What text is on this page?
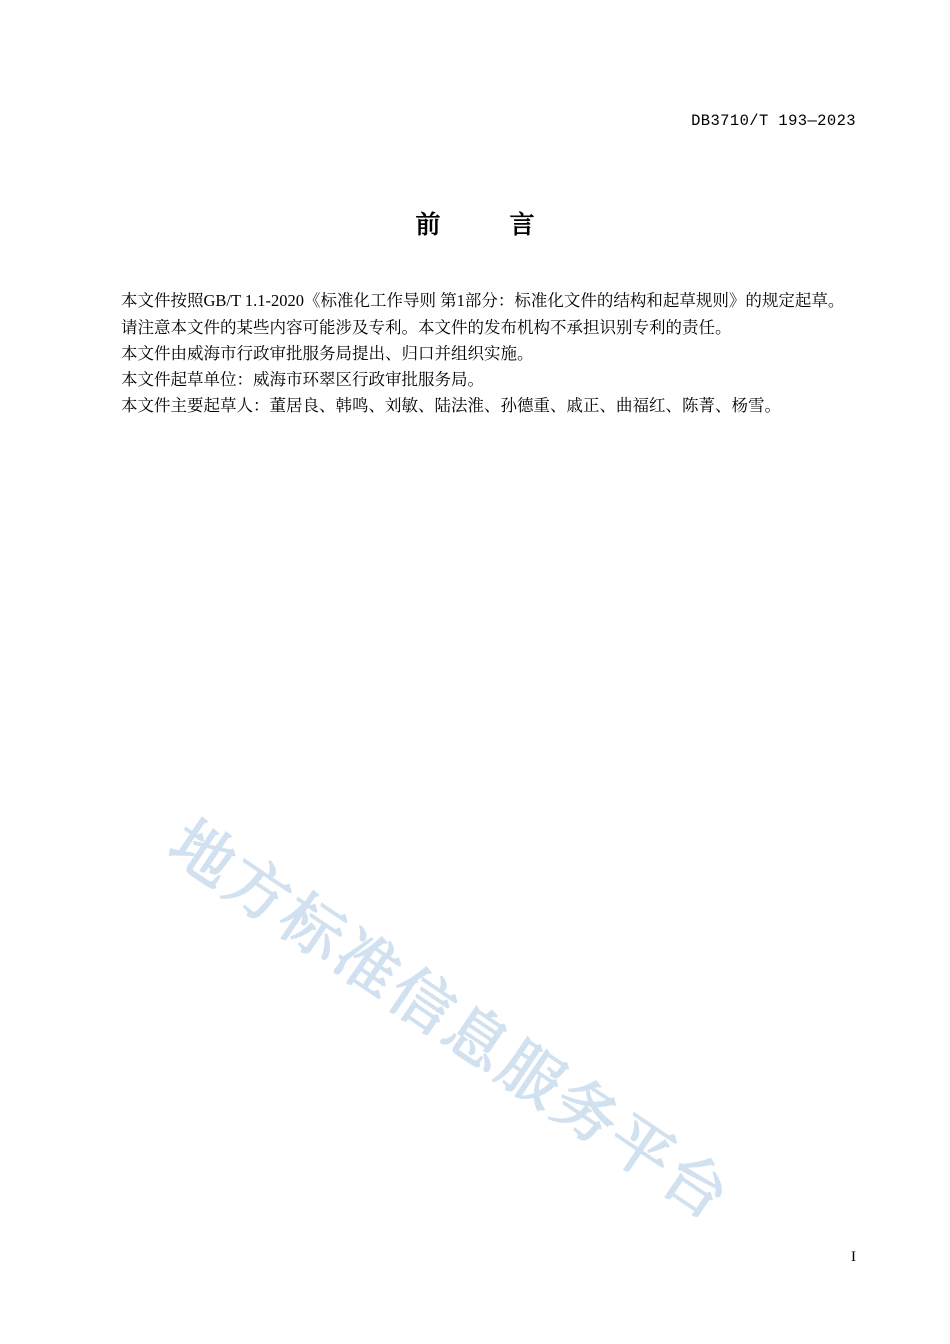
DB3710/T 193—2023
前　言

本文件按照GB/T 1.1-2020《标准化工作导则 第1部分：标准化文件的结构和起草规则》的规定起草。

请注意本文件的某些内容可能涉及专利。本文件的发布机构不承担识别专利的责任。

本文件由威海市行政审批服务局提出、归口并组织实施。

本文件起草单位：威海市环翠区行政审批服务局。

本文件主要起草人：董居良、韩鸣、刘敏、陆法淮、孙德重、戚正、曲福红、陈菁、杨雪。

地方标准信息服务平台
I
